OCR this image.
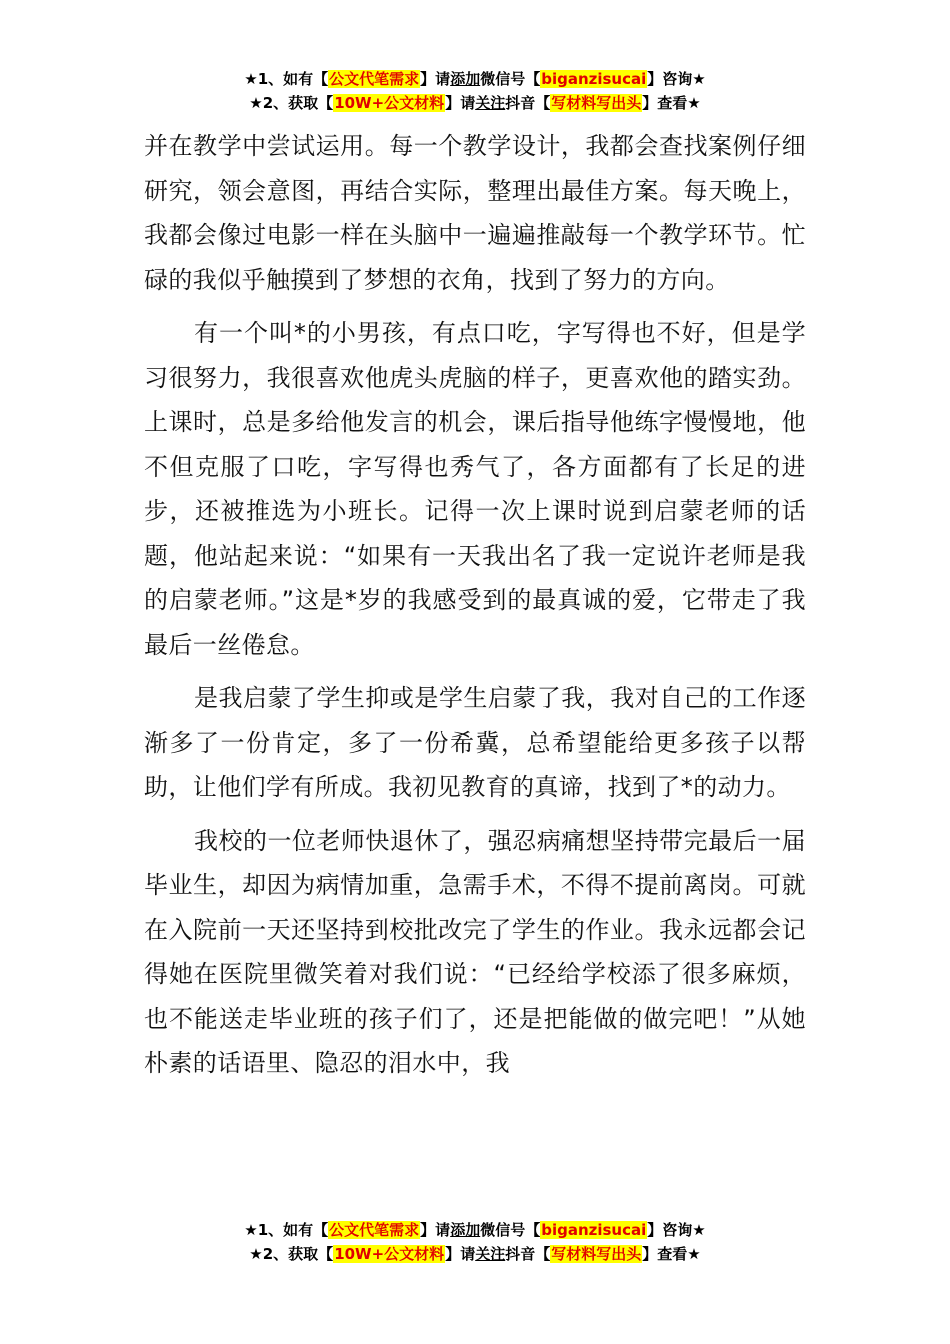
★1、如有【公文代笔需求】请添加微信号【biganzisucai】咨询★
★2、获取【10W+公文材料】请关注抖音【写材料写出头】查看★

并在教学中尝试运用。每一个教学设计，我都会查找案例仔细研究，领会意图，再结合实际，整理出最佳方案。每天晚上，我都会像过电影一样在头脑中一遍遍推敲每一个教学环节。忙碌的我似乎触摸到了梦想的衣角，找到了努力的方向。

有一个叫*的小男孩，有点口吃，字写得也不好，但是学习很努力，我很喜欢他虎头虎脑的样子，更喜欢他的踏实劲。上课时，总是多给他发言的机会，课后指导他练字慢慢地，他不但克服了口吃，字写得也秀气了，各方面都有了长足的进步，还被推选为小班长。记得一次上课时说到启蒙老师的话题，他站起来说：“如果有一天我出名了我一定说许老师是我的启蒙老师。”这是*岁的我感受到的最真诚的爱，它带走了我最后一丝倦怠。

是我启蒙了学生抑或是学生启蒙了我，我对自己的工作逐渐多了一份肯定，多了一份希冀，总希望能给更多孩子以帮助，让他们学有所成。我初见教育的真谛，找到了*的动力。

我校的一位老师快退休了，强忍病痛想坚持带完最后一届毕业生，却因为病情加重，急需手术，不得不提前离岗。可就在入院前一天还坚持到校批改完了学生的作业。我永远都会记得她在医院里微笑着对我们说：“已经给学校添了很多麻烦，也不能送走毕业班的孩子们了，还是把能做的做完吧！”从她朴素的话语里、隐忍的泪水中，我

★1、如有【公文代笔需求】请添加微信号【biganzisucai】咨询★
★2、获取【10W+公文材料】请关注抖音【写材料写出头】查看★
